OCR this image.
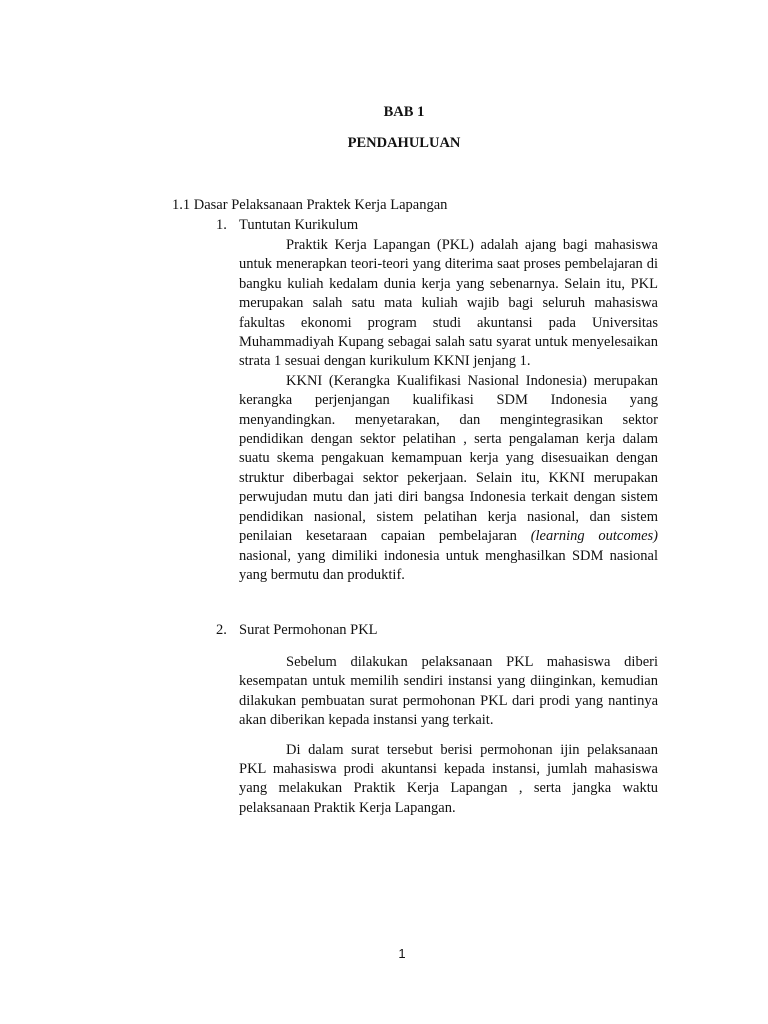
BAB 1
PENDAHULUAN
1.1 Dasar Pelaksanaan Praktek Kerja Lapangan
1. Tuntutan Kurikulum

Praktik Kerja Lapangan (PKL) adalah ajang bagi mahasiswa untuk menerapkan teori-teori yang diterima saat proses pembelajaran di bangku kuliah kedalam dunia kerja yang sebenarnya. Selain itu, PKL merupakan salah satu mata kuliah wajib bagi seluruh mahasiswa fakultas ekonomi program studi akuntansi pada Universitas Muhammadiyah Kupang sebagai salah satu syarat untuk menyelesaikan strata 1 sesuai dengan kurikulum KKNI jenjang 1.

KKNI (Kerangka Kualifikasi Nasional Indonesia) merupakan kerangka perjenjangan kualifikasi SDM Indonesia yang menyandingkan. menyetarakan, dan mengintegrasikan sektor pendidikan dengan sektor pelatihan , serta pengalaman kerja dalam suatu skema pengakuan kemampuan kerja yang disesuaikan dengan struktur diberbagai sektor pekerjaan. Selain itu, KKNI merupakan perwujudan mutu dan jati diri bangsa Indonesia terkait dengan sistem pendidikan nasional, sistem pelatihan kerja nasional, dan sistem penilaian kesetaraan capaian pembelajaran (learning outcomes) nasional, yang dimiliki indonesia untuk menghasilkan SDM nasional yang bermutu dan produktif.

2. Surat Permohonan PKL

Sebelum dilakukan pelaksanaan PKL mahasiswa diberi kesempatan untuk memilih sendiri instansi yang diinginkan, kemudian dilakukan pembuatan surat permohonan PKL dari prodi yang nantinya akan diberikan kepada instansi yang terkait.

Di dalam surat tersebut berisi permohonan ijin pelaksanaan PKL mahasiswa prodi akuntansi kepada instansi, jumlah mahasiswa yang melakukan Praktik Kerja Lapangan , serta jangka waktu pelaksanaan Praktik Kerja Lapangan.

1
